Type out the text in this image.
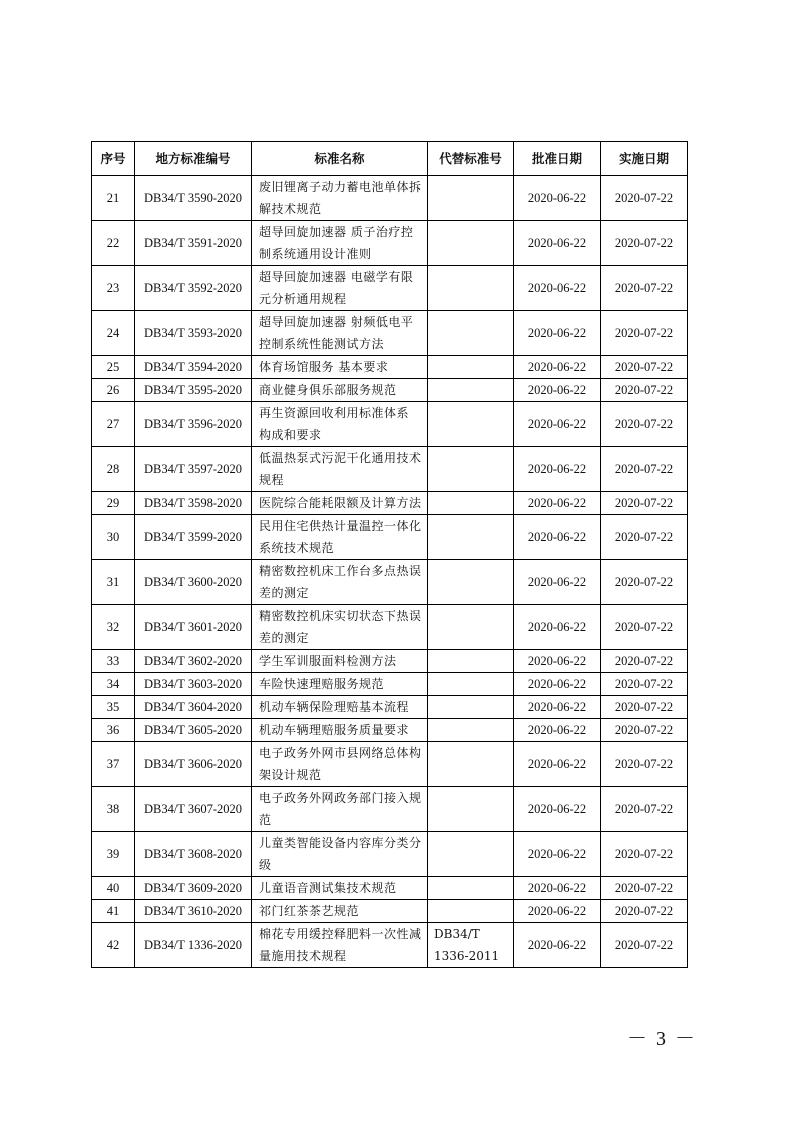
序号	地方标准编号	标准名称	代替标准号	批准日期	实施日期
21	DB34/T 3590-2020	废旧锂离子动力蓄电池单体拆解技术规范		2020-06-22	2020-07-22
22	DB34/T 3591-2020	超导回旋加速器 质子治疗控制系统通用设计准则		2020-06-22	2020-07-22
23	DB34/T 3592-2020	超导回旋加速器 电磁学有限元分析通用规程		2020-06-22	2020-07-22
24	DB34/T 3593-2020	超导回旋加速器 射频低电平控制系统性能测试方法		2020-06-22	2020-07-22
25	DB34/T 3594-2020	体育场馆服务 基本要求		2020-06-22	2020-07-22
26	DB34/T 3595-2020	商业健身俱乐部服务规范		2020-06-22	2020-07-22
27	DB34/T 3596-2020	再生资源回收利用标准体系 构成和要求		2020-06-22	2020-07-22
28	DB34/T 3597-2020	低温热泵式污泥干化通用技术规程		2020-06-22	2020-07-22
29	DB34/T 3598-2020	医院综合能耗限额及计算方法		2020-06-22	2020-07-22
30	DB34/T 3599-2020	民用住宅供热计量温控一体化系统技术规范		2020-06-22	2020-07-22
31	DB34/T 3600-2020	精密数控机床工作台多点热误差的测定		2020-06-22	2020-07-22
32	DB34/T 3601-2020	精密数控机床实切状态下热误差的测定		2020-06-22	2020-07-22
33	DB34/T 3602-2020	学生军训服面料检测方法		2020-06-22	2020-07-22
34	DB34/T 3603-2020	车险快速理赔服务规范		2020-06-22	2020-07-22
35	DB34/T 3604-2020	机动车辆保险理赔基本流程		2020-06-22	2020-07-22
36	DB34/T 3605-2020	机动车辆理赔服务质量要求		2020-06-22	2020-07-22
37	DB34/T 3606-2020	电子政务外网市县网络总体构架设计规范		2020-06-22	2020-07-22
38	DB34/T 3607-2020	电子政务外网政务部门接入规范		2020-06-22	2020-07-22
39	DB34/T 3608-2020	儿童类智能设备内容库分类分级		2020-06-22	2020-07-22
40	DB34/T 3609-2020	儿童语音测试集技术规范		2020-06-22	2020-07-22
41	DB34/T 3610-2020	祁门红茶茶艺规范		2020-06-22	2020-07-22
42	DB34/T 1336-2020	棉花专用缓控释肥料一次性减量施用技术规程	DB34/T 1336-2011	2020-06-22	2020-07-22
－ 3 －
